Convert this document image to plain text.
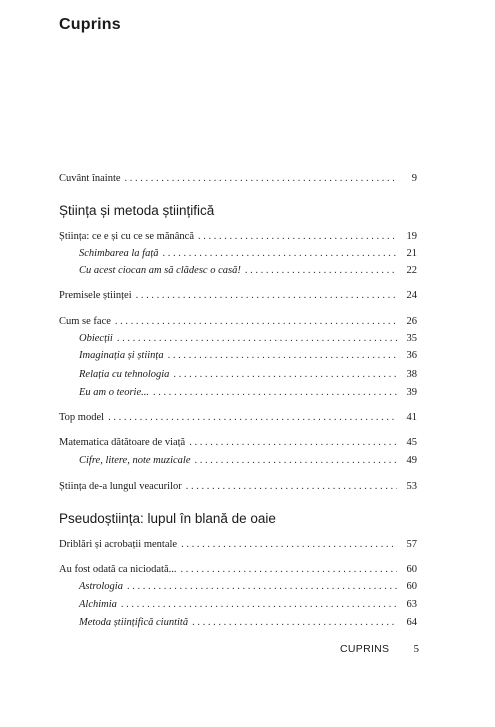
Cuprins
Cuvânt înainte . . .	9
Știința și metoda științifică
Știința: ce e și cu ce se mănâncă . . .	19
Schimbarea la față . . .	21
Cu acest ciocan am să clădesc o casă! . . .	22
Premisele științei . . .	24
Cum se face . . .	26
Obiecții . . .	35
Imaginația și știința . . .	36
Relația cu tehnologia . . .	38
Eu am o teorie... . . .	39
Top model . . .	41
Matematica dătătoare de viață . . .	45
Cifre, litere, note muzicale . . .	49
Știința de-a lungul veacurilor . . .	53
Pseudoștiința: lupul în blană de oaie
Driblări și acrobații mentale . . .	57
Au fost odată ca niciodată... . . .	60
Astrologia . . .	60
Alchimia . . .	63
Metoda științifică ciuntită . . .	64
CUPRINS 5
